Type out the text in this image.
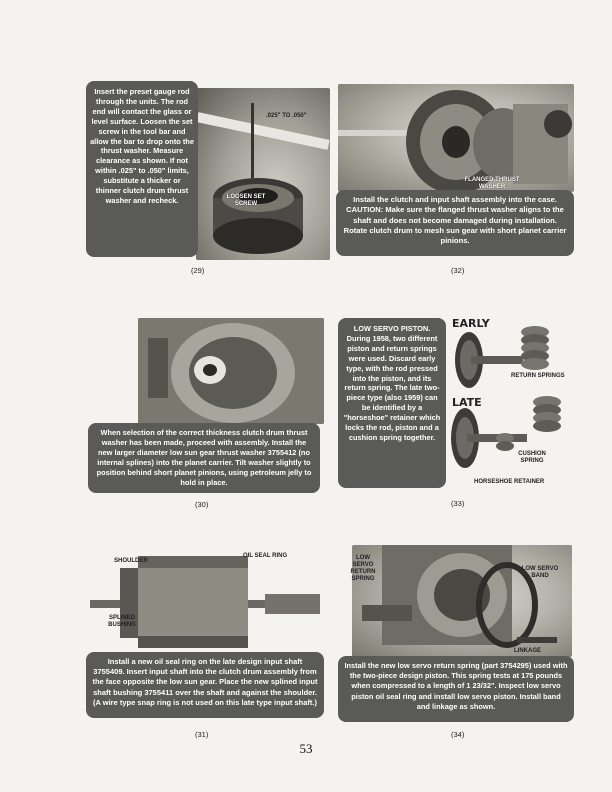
.025" TO .050"
LOOSEN SET SCREW
Insert the preset gauge rod through the units. The rod end will contact the glass or level surface. Loosen the set screw in the tool bar and allow the bar to drop onto the thrust washer. Measure clearance as shown. If not within .025" to .050" limits, substitute a thicker or thinner clutch drum thrust washer and recheck.
(29)
FLANGED THRUST WASHER
Install the clutch and input shaft assembly into the case. CAUTION: Make sure the flanged thrust washer aligns to the shaft and does not become damaged during installation. Rotate clutch drum to mesh sun gear with short planet carrier pinions.
(32)
When selection of the correct thickness clutch drum thrust washer has been made, proceed with assembly. Install the new larger diameter low sun gear thrust washer 3755412 (no internal splines) into the planet carrier. Tilt washer slightly to position behind short planet pinions, using petroleum jelly to hold in place.
(30)
LOW SERVO PISTON. During 1958, two different piston and return springs were used. Discard early type, with the rod pressed into the piston, and its return spring. The late two-piece type (also 1959) can be identified by a "horseshoe" retainer which locks the rod, piston and a cushion spring together.
EARLY
RETURN SPRINGS
LATE
CUSHION SPRING
HORSESHOE RETAINER
(33)
SHOULDER
OIL SEAL RING
SPLINED BUSHING
Install a new oil seal ring on the late design input shaft 3755409. Insert input shaft into the clutch drum assembly from the face opposite the low sun gear. Place the new splined input shaft bushing 3755411 over the shaft and against the shoulder. (A wire type snap ring is not used on this late type input shaft.)
(31)
LOW SERVO RETURN SPRING
LOW SERVO BAND
LINKAGE
Install the new low servo return spring (part 3754295) used with the two-piece design piston. This spring tests at 175 pounds when compressed to a length of 1 23/32". Inspect low servo piston oil seal ring and install low servo piston. Install band and linkage as shown.
(34)
53
